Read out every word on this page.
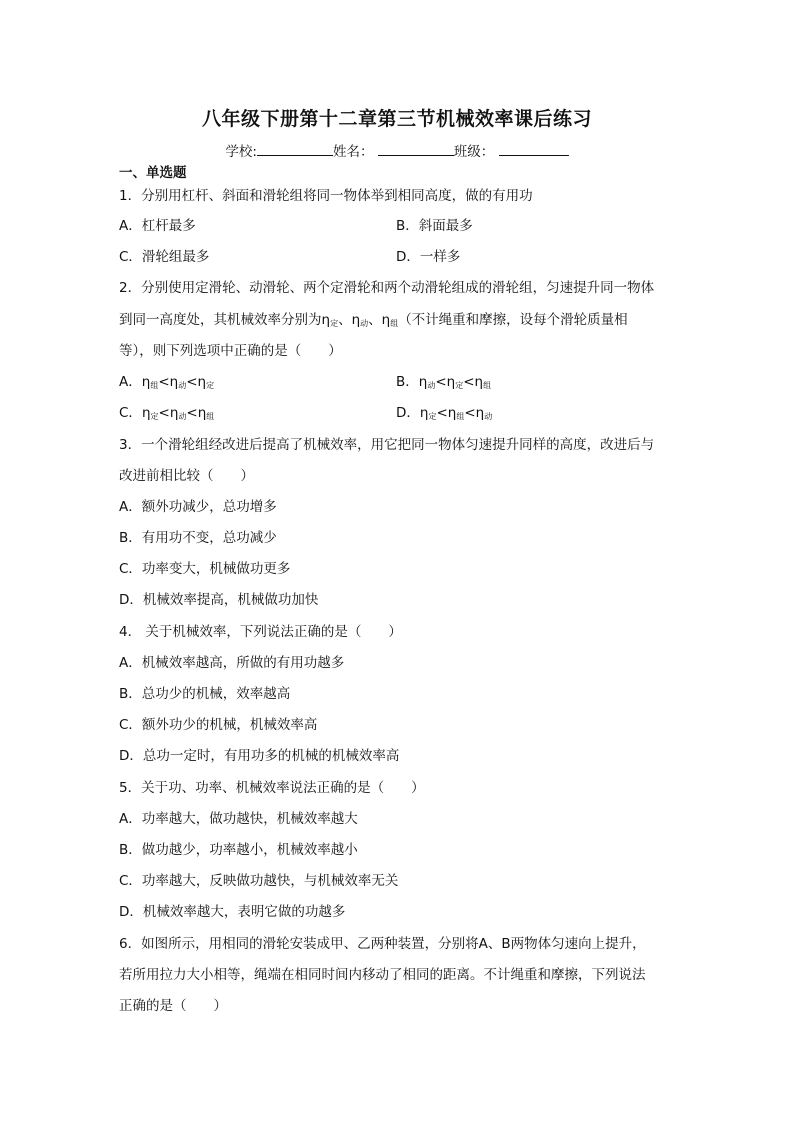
八年级下册第十二章第三节机械效率课后练习
学校:	姓名：	班级：
一、单选题
1．分别用杠杆、斜面和滑轮组将同一物体举到相同高度，做的有用功
A．杠杆最多	B．斜面最多
C．滑轮组最多	D．一样多
2．分别使用定滑轮、动滑轮、两个定滑轮和两个动滑轮组成的滑轮组，匀速提升同一物体
到同一高度处，其机械效率分别为$\eta_定$、$\eta_动$、$\eta_组$（不计绳重和摩擦，设每个滑轮质量相
等），则下列选项中正确的是（　　）
A．$\eta_组<\eta_动<\eta_定$	B．$\eta_动<\eta_定<\eta_组$
C．$\eta_定<\eta_动<\eta_组$	D．$\eta_定<\eta_组<\eta_动$
3．一个滑轮组经改进后提高了机械效率，用它把同一物体匀速提升同样的高度，改进后与
改进前相比较（　　）
A．额外功减少，总功增多
B．有用功不变，总功减少
C．功率变大，机械做功更多
D．机械效率提高，机械做功加快
4． 关于机械效率，下列说法正确的是（　　）
A．机械效率越高，所做的有用功越多
B．总功少的机械，效率越高
C．额外功少的机械，机械效率高
D．总功一定时，有用功多的机械的机械效率高
5．关于功、功率、机械效率说法正确的是（　　）
A．功率越大，做功越快，机械效率越大
B．做功越少，功率越小，机械效率越小
C．功率越大，反映做功越快，与机械效率无关
D．机械效率越大，表明它做的功越多
6．如图所示，用相同的滑轮安装成甲、乙两种装置，分别将A、B两物体匀速向上提升，
若所用拉力大小相等，绳端在相同时间内移动了相同的距离。不计绳重和摩擦，下列说法
正确的是（　　）
